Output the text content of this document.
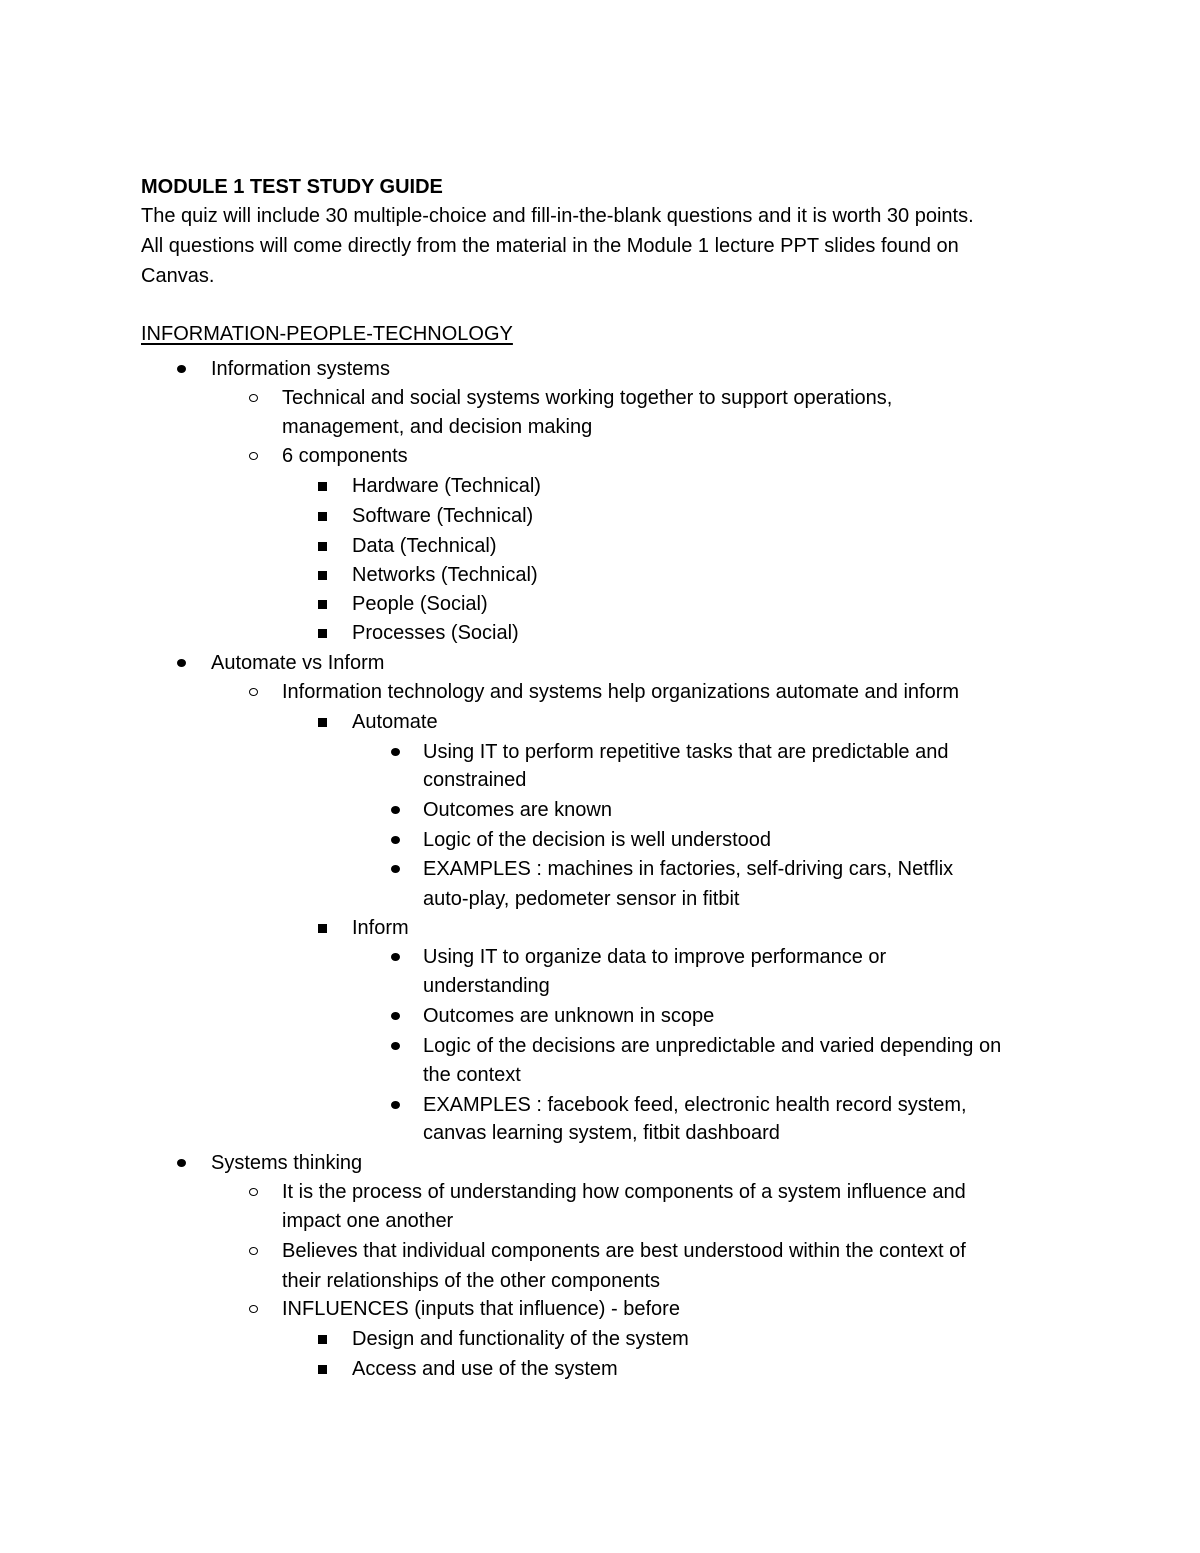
MODULE 1 TEST STUDY GUIDE
The quiz will include 30 multiple-choice and fill-in-the-blank questions and it is worth 30 points.
All questions will come directly from the material in the Module 1 lecture PPT slides found on
Canvas.
INFORMATION-PEOPLE-TECHNOLOGY
Information systems
Technical and social systems working together to support operations,
management, and decision making
6 components
Hardware (Technical)
Software (Technical)
Data (Technical)
Networks (Technical)
People (Social)
Processes (Social)
Automate vs Inform
Information technology and systems help organizations automate and inform
Automate
Using IT to perform repetitive tasks that are predictable and
constrained
Outcomes are known
Logic of the decision is well understood
EXAMPLES : machines in factories, self-driving cars, Netflix
auto-play, pedometer sensor in fitbit
Inform
Using IT to organize data to improve performance or
understanding
Outcomes are unknown in scope
Logic of the decisions are unpredictable and varied depending on
the context
EXAMPLES : facebook feed, electronic health record system,
canvas learning system, fitbit dashboard
Systems thinking
It is the process of understanding how components of a system influence and
impact one another
Believes that individual components are best understood within the context of
their relationships of the other components
INFLUENCES (inputs that influence) - before
Design and functionality of the system
Access and use of the system
